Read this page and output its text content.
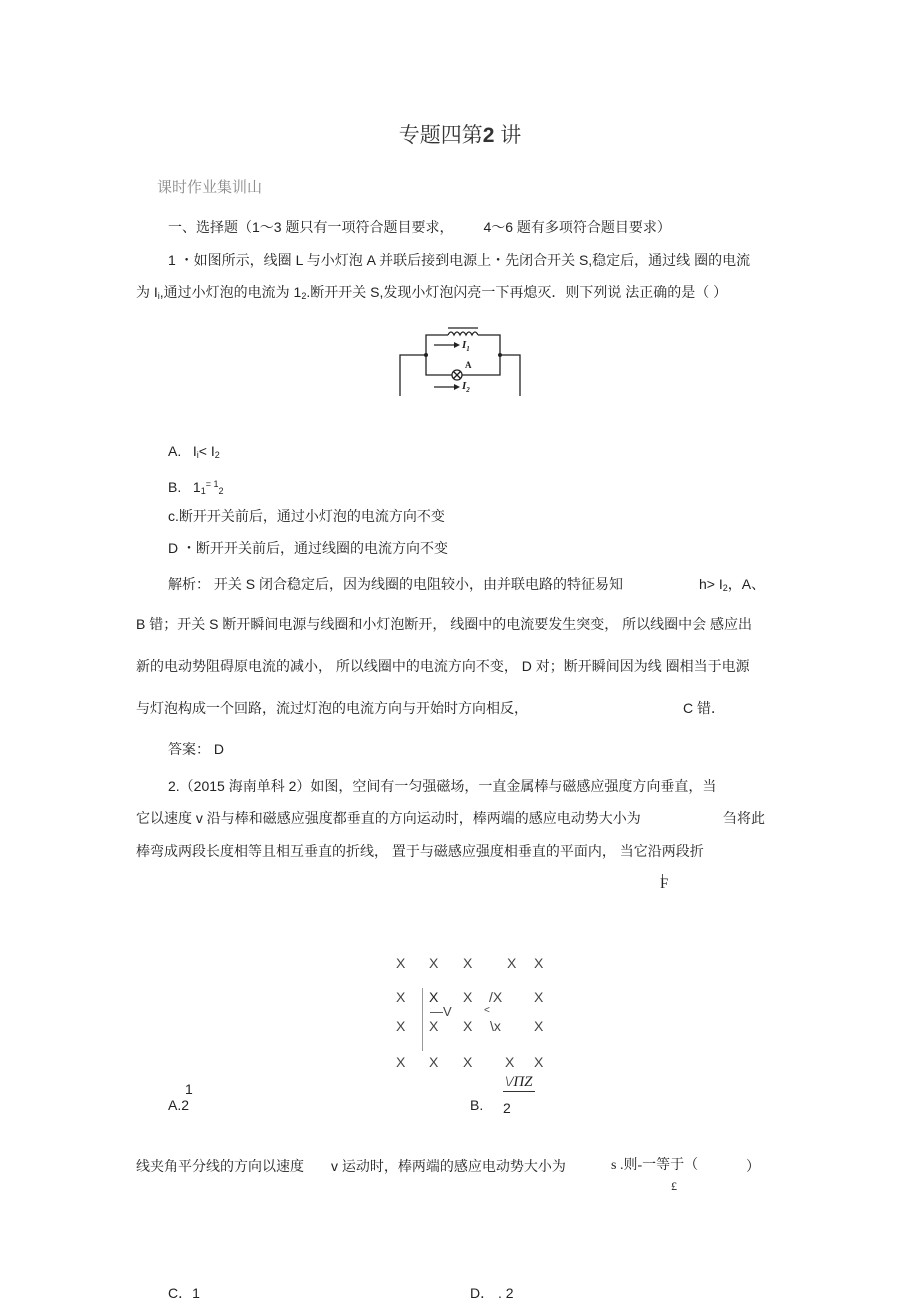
专题四第2 讲
课时作业集训山
一、选择题（1～3 题只有一项符合题目要求， 4～6 题有多项符合题目要求）
1 ・如图所示，线圈 L 与小灯泡 A 并联后接到电源上・先闭合开关 S,稳定后，通过线 圈的电流
为 $I_i$,通过小灯泡的电流为 $1_2$.断开开关 S,发现小灯泡闪亮一下再熄灭．则下列说 法正确的是（ ）
A
$I_1$
$I_2$
A. $I_i< I_2$
B. $1_1^{= 1}_2$
c.断开开关前后，通过小灯泡的电流方向不变
D ・断开开关前后，通过线圈的电流方向不变
解析： 开关 S 闭合稳定后，因为线圈的电阻较小，由并联电路的特征易知	$h> I_2$，A、
B 错；开关 S 断开瞬间电源与线圈和小灯泡断开， 线圈中的电流要发生突变， 所以线圈中会 感应出
新的电动势阻碍原电流的减小， 所以线圈中的电流方向不变， D 对；断开瞬间因为线 圈相当于电源
与灯泡构成一个回路，流过灯泡的电流方向与开始时方向相反，	C 错．
答案： D
2.（2015 海南单科 2）如图，空间有一匀强磁场，一直金属棒与磁感应强度方向垂直，当
它以速度 v 沿与棒和磁感应强度都垂直的方向运动时，棒两端的感应电动势大小为	刍将此
棒弯成两段长度相等且相互垂直的折线， 置于与磁感应强度相垂直的平面内， 当它沿两段折
F
X X X X X
X X X /X X
—V	<
X X X \x X
X X X X X
1
A.2	B.
\/ΠΖ
2
线夹角平分线的方向以速度 v 运动时，棒两端的感应电动势大小为	s .则-一等于（	）
£
C．1	D． . 2
